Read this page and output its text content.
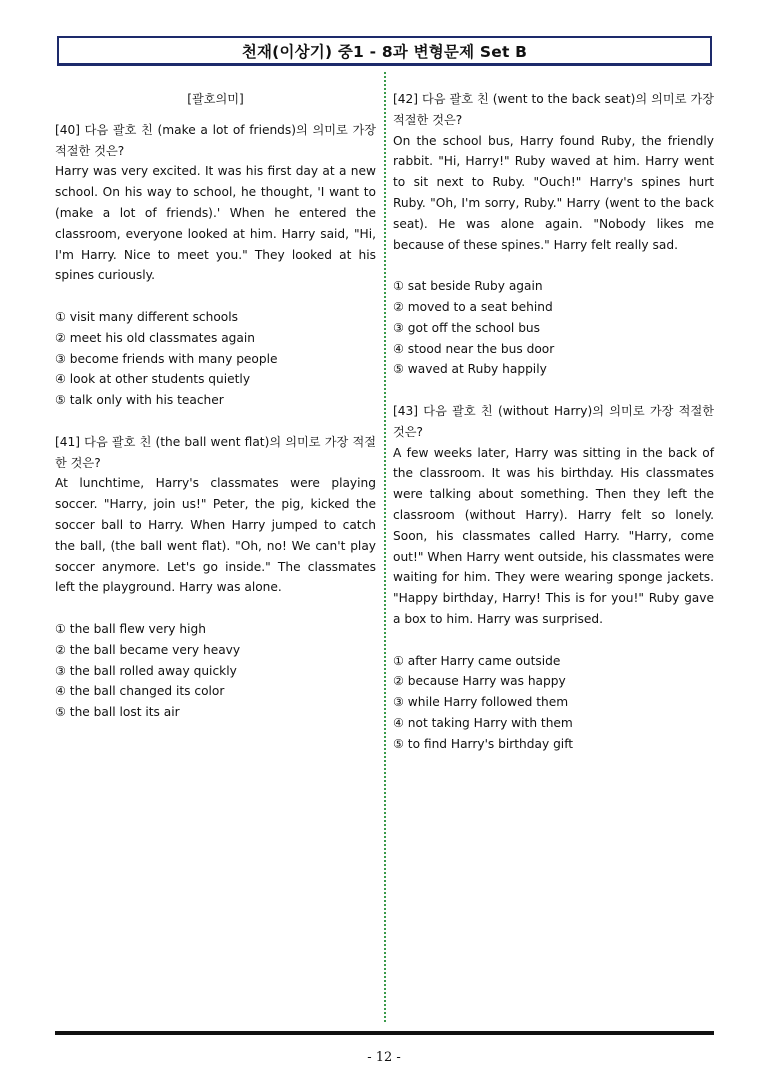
천재(이상기) 중1 - 8과 변형문제 Set B
[괄호의미]
[40] 다음 괄호 친 (make a lot of friends)의 의미로 가장 적절한 것은?
Harry was very excited. It was his first day at a new school. On his way to school, he thought, 'I want to (make a lot of friends).' When he entered the classroom, everyone looked at him. Harry said, "Hi, I'm Harry. Nice to meet you." They looked at his spines curiously.
① visit many different schools
② meet his old classmates again
③ become friends with many people
④ look at other students quietly
⑤ talk only with his teacher
[41] 다음 괄호 친 (the ball went flat)의 의미로 가장 적절한 것은?
At lunchtime, Harry's classmates were playing soccer. "Harry, join us!" Peter, the pig, kicked the soccer ball to Harry. When Harry jumped to catch the ball, (the ball went flat). "Oh, no! We can't play soccer anymore. Let's go inside." The classmates left the playground. Harry was alone.
① the ball flew very high
② the ball became very heavy
③ the ball rolled away quickly
④ the ball changed its color
⑤ the ball lost its air
[42] 다음 괄호 친 (went to the back seat)의 의미로 가장 적절한 것은?
On the school bus, Harry found Ruby, the friendly rabbit. "Hi, Harry!" Ruby waved at him. Harry went to sit next to Ruby. "Ouch!" Harry's spines hurt Ruby. "Oh, I'm sorry, Ruby." Harry (went to the back seat). He was alone again. "Nobody likes me because of these spines." Harry felt really sad.
① sat beside Ruby again
② moved to a seat behind
③ got off the school bus
④ stood near the bus door
⑤ waved at Ruby happily
[43] 다음 괄호 친 (without Harry)의 의미로 가장 적절한 것은?
A few weeks later, Harry was sitting in the back of the classroom. It was his birthday. His classmates were talking about something. Then they left the classroom (without Harry). Harry felt so lonely. Soon, his classmates called Harry. "Harry, come out!" When Harry went outside, his classmates were waiting for him. They were wearing sponge jackets. "Happy birthday, Harry! This is for you!" Ruby gave a box to him. Harry was surprised.
① after Harry came outside
② because Harry was happy
③ while Harry followed them
④ not taking Harry with them
⑤ to find Harry's birthday gift
- 12 -
